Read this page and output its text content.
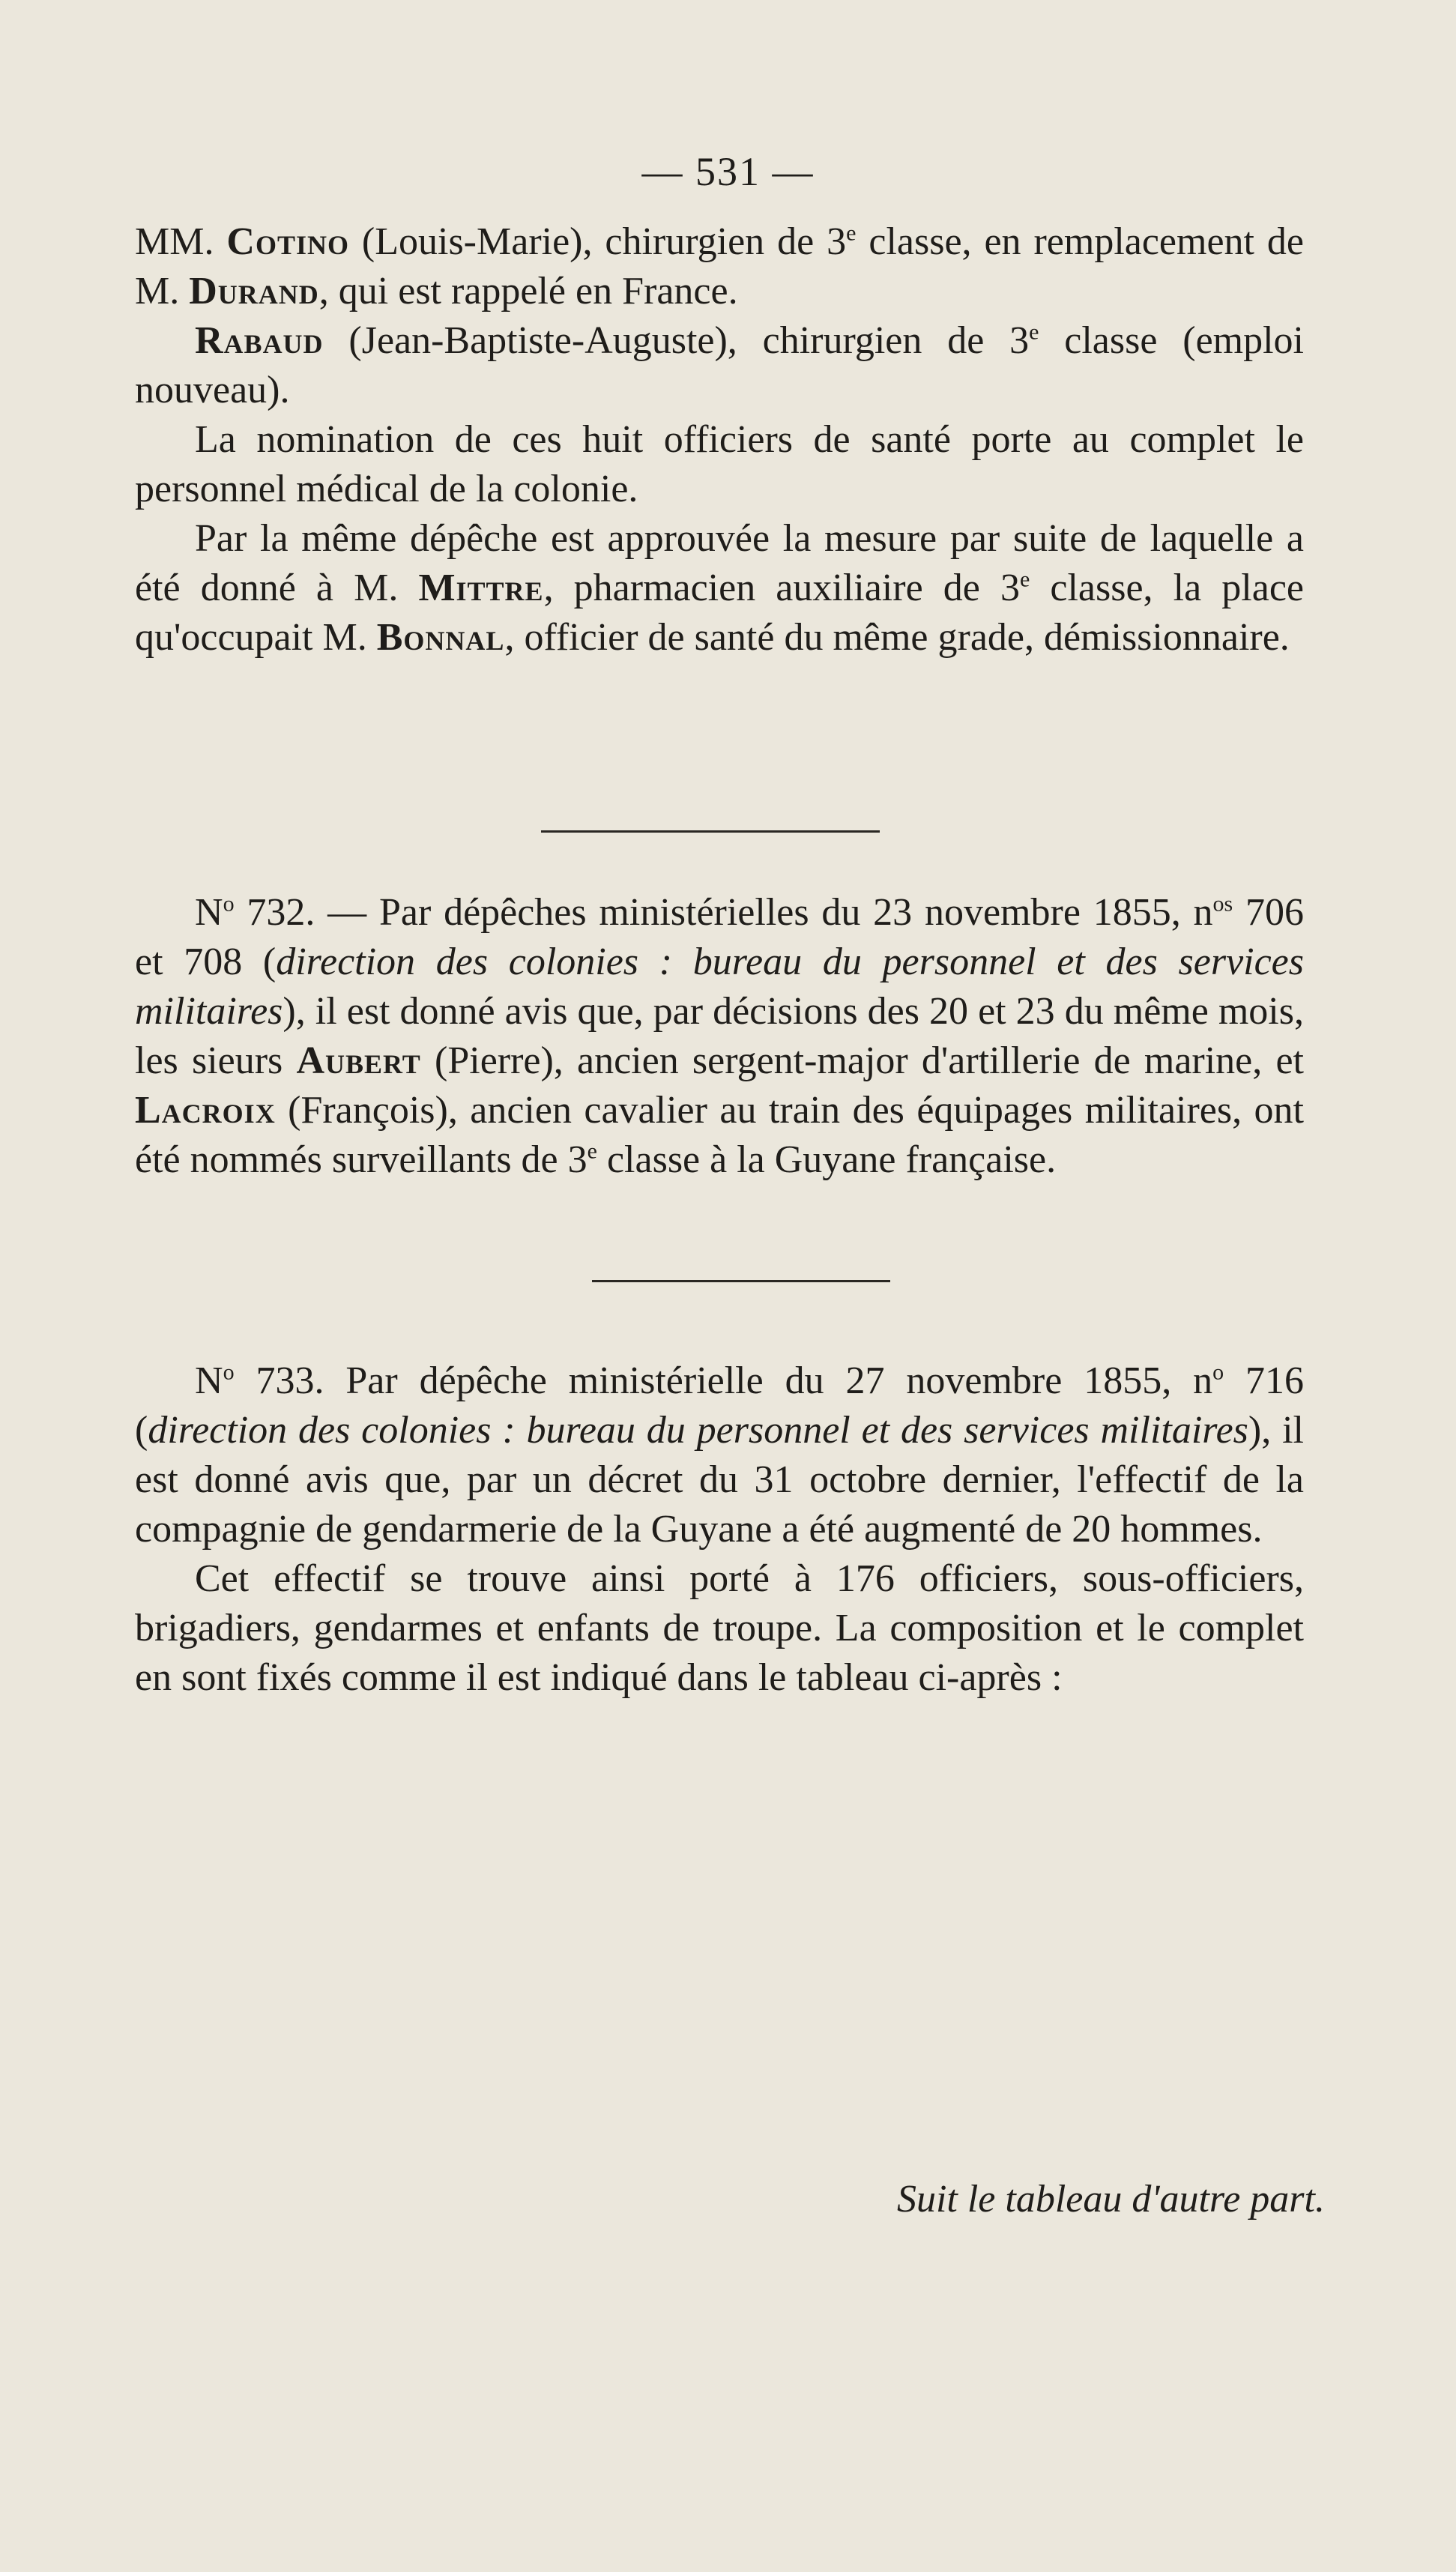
— 531 —

MM. Cotino (Louis-Marie), chirurgien de 3e classe, en remplacement de M. Durand, qui est rappelé en France.

Rabaud (Jean-Baptiste-Auguste), chirurgien de 3e classe (emploi nouveau).

La nomination de ces huit officiers de santé porte au complet le personnel médical de la colonie.

Par la même dépêche est approuvée la mesure par suite de laquelle a été donné à M. Mittre, pharmacien auxiliaire de 3e classe, la place qu'occupait M. Bonnal, officier de santé du même grade, démissionnaire.

$N^o$ 732. — Par dépêches ministérielles du 23 novembre 1855, $n^{os}$ 706 et 708 (direction des colonies : bureau du personnel et des services militaires), il est donné avis que, par décisions des 20 et 23 du même mois, les sieurs Aubert (Pierre), ancien sergent-major d'artillerie de marine, et Lacroix (François), ancien cavalier au train des équipages militaires, ont été nommés surveillants de 3e classe à la Guyane française.

$N^o$ 733. Par dépêche ministérielle du 27 novembre 1855, $n^o$ 716 (direction des colonies : bureau du personnel et des services militaires), il est donné avis que, par un décret du 31 octobre dernier, l'effectif de la compagnie de gendarmerie de la Guyane a été augmenté de 20 hommes.

Cet effectif se trouve ainsi porté à 176 officiers, sous-officiers, brigadiers, gendarmes et enfants de troupe. La composition et le complet en sont fixés comme il est indiqué dans le tableau ci-après :

Suit le tableau d'autre part.
